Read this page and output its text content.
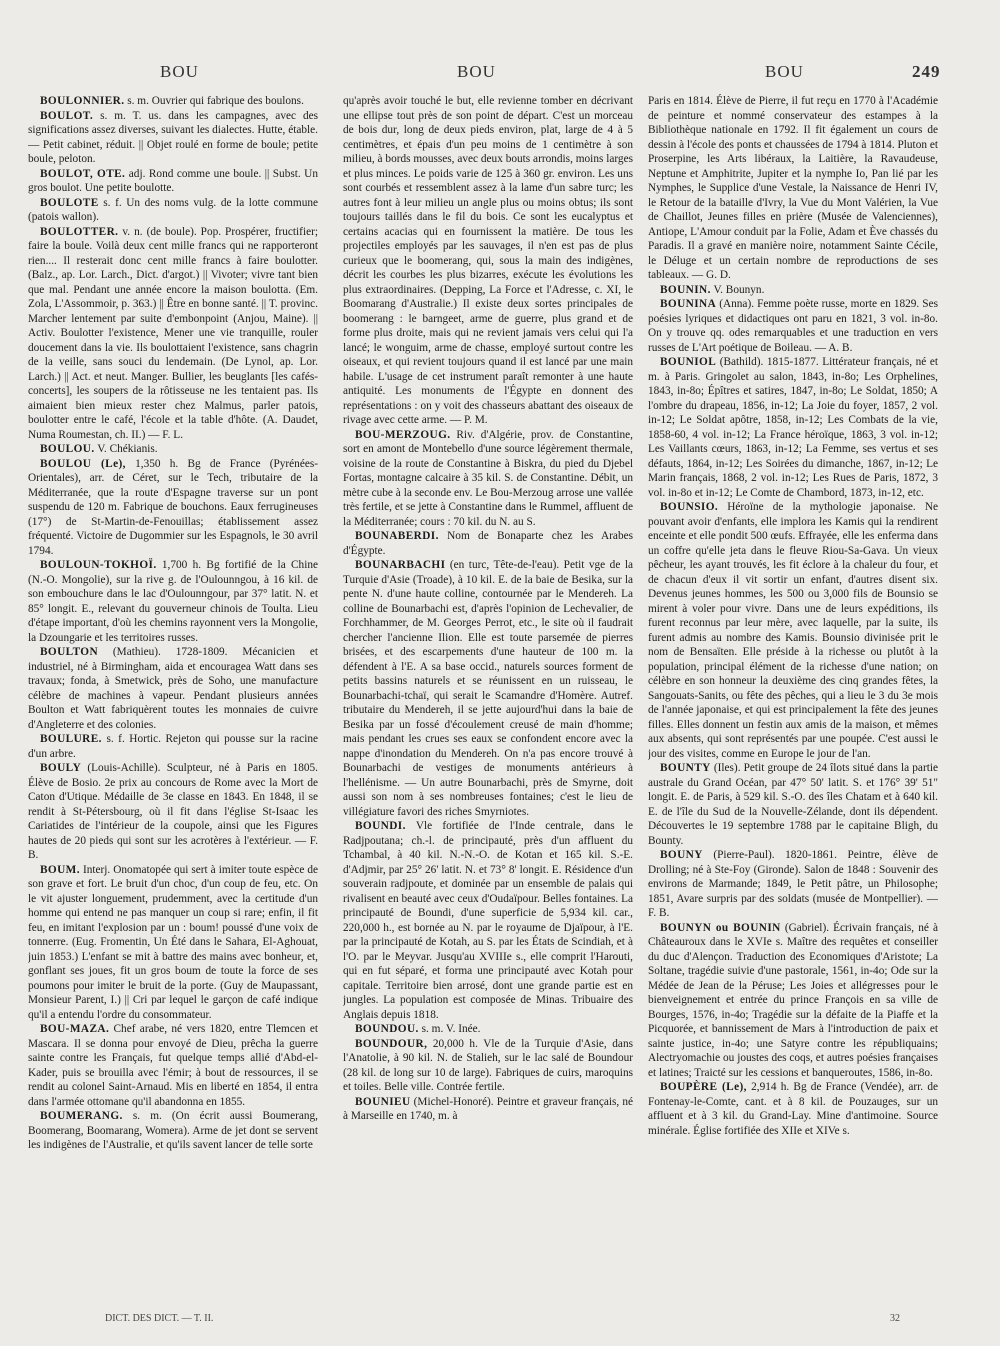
BOU	BOU	BOU	249

BOULONNIER. s. m. Ouvrier qui fabrique des boulons.

BOULOT. s. m. T. us. dans les campagnes, avec des significations assez diverses, suivant les dialectes. Hutte, étable. — Petit cabinet, réduit. || Objet roulé en forme de boule; petite boule, peloton.

BOULOT, OTE. adj. Rond comme une boule. || Subst. Un gros boulot. Une petite boulotte.

BOULOTE s. f. Un des noms vulg. de la lotte commune (patois wallon).

BOULOTTER. v. n. (de boule). Pop. Prospérer, fructifier; faire la boule. Voilà deux cent mille francs qui ne rapporteront rien.... Il resterait donc cent mille francs à faire boulotter. (Balz., ap. Lor. Larch., Dict. d'argot.) || Vivoter; vivre tant bien que mal. Pendant une année encore la maison boulotta. (Em. Zola, L'Assommoir, p. 363.) || Être en bonne santé. || T. provinc. Marcher lentement par suite d'embonpoint (Anjou, Maine). || Activ. Boulotter l'existence, Mener une vie tranquille, rouler doucement dans la vie. Ils boulottaient l'existence, sans chagrin de la veille, sans souci du lendemain. (De Lynol, ap. Lor. Larch.) || Act. et neut. Manger. Bullier, les beuglants [les cafés-concerts], les soupers de la rôtisseuse ne les tentaient pas. Ils aimaient bien mieux rester chez Malmus, parler patois, boulotter entre le café, l'école et la table d'hôte. (A. Daudet, Numa Roumestan, ch. II.) — F. L.

BOULOU. V. Chékianis.

BOULOU (Le), 1,350 h. Bg de France (Pyrénées-Orientales), arr. de Céret, sur le Tech, tributaire de la Méditerranée, que la route d'Espagne traverse sur un pont suspendu de 120 m. Fabrique de bouchons. Eaux ferrugineuses (17°) de St-Martin-de-Fenouillas; établissement assez fréquenté. Victoire de Dugommier sur les Espagnols, le 30 avril 1794.

BOULOUN-TOKHOÏ. 1,700 h. Bg fortifié de la Chine (N.-O. Mongolie), sur la rive g. de l'Oulounngou, à 16 kil. de son embouchure dans le lac d'Oulounngour, par 37° latit. N. et 85° longit. E., relevant du gouverneur chinois de Toulta. Lieu d'étape important, d'où les chemins rayonnent vers la Mongolie, la Dzoungarie et les territoires russes.

BOULTON (Mathieu). 1728-1809. Mécanicien et industriel, né à Birmingham, aida et encouragea Watt dans ses travaux; fonda, à Smetwick, près de Soho, une manufacture célèbre de machines à vapeur. Pendant plusieurs années Boulton et Watt fabriquèrent toutes les monnaies de cuivre d'Angleterre et des colonies.

BOULURE. s. f. Hortic. Rejeton qui pousse sur la racine d'un arbre.

BOULY (Louis-Achille). Sculpteur, né à Paris en 1805. Élève de Bosio. 2e prix au concours de Rome avec la Mort de Caton d'Utique. Médaille de 3e classe en 1843. En 1848, il se rendit à St-Pétersbourg, où il fit dans l'église St-Isaac les Cariatides de l'intérieur de la coupole, ainsi que les Figures hautes de 20 pieds qui sont sur les acrotères à l'extérieur. — F. B.

BOUM. Interj. Onomatopée qui sert à imiter toute espèce de son grave et fort. Le bruit d'un choc, d'un coup de feu, etc. On le vit ajuster longuement, prudemment, avec la certitude d'un homme qui entend ne pas manquer un coup si rare; enfin, il fit feu, en imitant l'explosion par un : boum! poussé d'une voix de tonnerre. (Eug. Fromentin, Un Été dans le Sahara, El-Aghouat, juin 1853.) L'enfant se mit à battre des mains avec bonheur, et, gonflant ses joues, fit un gros boum de toute la force de ses poumons pour imiter le bruit de la porte. (Guy de Maupassant, Monsieur Parent, I.) || Cri par lequel le garçon de café indique qu'il a entendu l'ordre du consommateur.

BOU-MAZA. Chef arabe, né vers 1820, entre Tlemcen et Mascara. Il se donna pour envoyé de Dieu, prêcha la guerre sainte contre les Français, fut quelque temps allié d'Abd-el-Kader, puis se brouilla avec l'émir; à bout de ressources, il se rendit au colonel Saint-Arnaud. Mis en liberté en 1854, il entra dans l'armée ottomane qu'il abandonna en 1855.

BOUMERANG. s. m. (On écrit aussi Boumerang, Boomerang, Boomarang, Womera). Arme de jet dont se servent les indigènes de l'Australie, et qu'ils savent lancer de telle sorte

qu'après avoir touché le but, elle revienne tomber en décrivant une ellipse tout près de son point de départ. C'est un morceau de bois dur, long de deux pieds environ, plat, large de 4 à 5 centimètres, et épais d'un peu moins de 1 centimètre à son milieu, à bords mousses, avec deux bouts arrondis, moins larges et plus minces. Le poids varie de 125 à 360 gr. environ. Les uns sont courbés et ressemblent assez à la lame d'un sabre turc; les autres font à leur milieu un angle plus ou moins obtus; ils sont toujours taillés dans le fil du bois. Ce sont les eucalyptus et certains acacias qui en fournissent la matière. De tous les projectiles employés par les sauvages, il n'en est pas de plus curieux que le boomerang, qui, sous la main des indigènes, décrit les courbes les plus bizarres, exécute les évolutions les plus extraordinaires. (Depping, La Force et l'Adresse, c. XI, le Boomarang d'Australie.) Il existe deux sortes principales de boomerang : le barngeet, arme de guerre, plus grand et de forme plus droite, mais qui ne revient jamais vers celui qui l'a lancé; le wonguim, arme de chasse, employé surtout contre les oiseaux, et qui revient toujours quand il est lancé par une main habile. L'usage de cet instrument paraît remonter à une haute antiquité. Les monuments de l'Égypte en donnent des représentations : on y voit des chasseurs abattant des oiseaux de rivage avec cette arme. — P. M.

BOU-MERZOUG. Riv. d'Algérie, prov. de Constantine, sort en amont de Montebello d'une source légèrement thermale, voisine de la route de Constantine à Biskra, du pied du Djebel Fortas, montagne calcaire à 35 kil. S. de Constantine. Débit, un mètre cube à la seconde env. Le Bou-Merzoug arrose une vallée très fertile, et se jette à Constantine dans le Rummel, affluent de la Méditerranée; cours : 70 kil. du N. au S.

BOUNABERDI. Nom de Bonaparte chez les Arabes d'Égypte.

BOUNARBACHI (en turc, Tête-de-l'eau). Petit vge de la Turquie d'Asie (Troade), à 10 kil. E. de la baie de Besika, sur la pente N. d'une haute colline, contournée par le Mendereh. La colline de Bounarbachi est, d'après l'opinion de Lechevalier, de Forchhammer, de M. Georges Perrot, etc., le site où il faudrait chercher l'ancienne Ilion. Elle est toute parsemée de pierres brisées, et des escarpements d'une hauteur de 100 m. la défendent à l'E. A sa base occid., naturels sources forment de petits bassins naturels et se réunissent en un ruisseau, le Bounarbachi-tchaï, qui serait le Scamandre d'Homère. Autref. tributaire du Mendereh, il se jette aujourd'hui dans la baie de Besika par un fossé d'écoulement creusé de main d'homme; mais pendant les crues ses eaux se confondent encore avec la nappe d'inondation du Mendereh. On n'a pas encore trouvé à Bounarbachi de vestiges de monuments antérieurs à l'hellénisme. — Un autre Bounarbachi, près de Smyrne, doit aussi son nom à ses nombreuses fontaines; c'est le lieu de villégiature favori des riches Smyrniotes.

BOUNDI. Vle fortifiée de l'Inde centrale, dans le Radjpoutana; ch.-l. de principauté, près d'un affluent du Tchambal, à 40 kil. N.-N.-O. de Kotan et 165 kil. S.-E. d'Adjmir, par 25° 26' latit. N. et 73° 8' longit. E. Résidence d'un souverain radjpoute, et dominée par un ensemble de palais qui rivalisent en beauté avec ceux d'Oudaïpour. Belles fontaines. La principauté de Boundi, d'une superficie de 5,934 kil. car., 220,000 h., est bornée au N. par le royaume de Djaïpour, à l'E. par la principauté de Kotah, au S. par les États de Scindiah, et à l'O. par le Meyvar. Jusqu'au XVIIIe s., elle comprit l'Harouti, qui en fut séparé, et forma une principauté avec Kotah pour capitale. Territoire bien arrosé, dont une grande partie est en jungles. La population est composée de Minas. Tribuaire des Anglais depuis 1818.

BOUNDOU. s. m. V. Inée.

BOUNDOUR, 20,000 h. Vle de la Turquie d'Asie, dans l'Anatolie, à 90 kil. N. de Stalieh, sur le lac salé de Boundour (28 kil. de long sur 10 de large). Fabriques de cuirs, maroquins et toiles. Belle ville. Contrée fertile.

BOUNIEU (Michel-Honoré). Peintre et graveur français, né à Marseille en 1740, m. à

Paris en 1814. Élève de Pierre, il fut reçu en 1770 à l'Académie de peinture et nommé conservateur des estampes à la Bibliothèque nationale en 1792. Il fit également un cours de dessin à l'école des ponts et chaussées de 1794 à 1814. Pluton et Proserpine, les Arts libéraux, la Laitière, la Ravaudeuse, Neptune et Amphitrite, Jupiter et la nymphe Io, Pan lié par les Nymphes, le Supplice d'une Vestale, la Naissance de Henri IV, le Retour de la bataille d'Ivry, la Vue du Mont Valérien, la Vue de Chaillot, Jeunes filles en prière (Musée de Valenciennes), Antiope, L'Amour conduit par la Folie, Adam et Ève chassés du Paradis. Il a gravé en manière noire, notamment Sainte Cécile, le Déluge et un certain nombre de reproductions de ses tableaux. — G. D.

BOUNIN. V. Bounyn.

BOUNINA (Anna). Femme poète russe, morte en 1829. Ses poésies lyriques et didactiques ont paru en 1821, 3 vol. in-8o. On y trouve qq. odes remarquables et une traduction en vers russes de L'Art poétique de Boileau. — A. B.

BOUNIOL (Bathild). 1815-1877. Littérateur français, né et m. à Paris. Gringolet au salon, 1843, in-8o; Les Orphelines, 1843, in-8o; Épîtres et satires, 1847, in-8o; Le Soldat, 1850; A l'ombre du drapeau, 1856, in-12; La Joie du foyer, 1857, 2 vol. in-12; Le Soldat apôtre, 1858, in-12; Les Combats de la vie, 1858-60, 4 vol. in-12; La France héroïque, 1863, 3 vol. in-12; Les Vaillants cœurs, 1863, in-12; La Femme, ses vertus et ses défauts, 1864, in-12; Les Soirées du dimanche, 1867, in-12; Le Marin français, 1868, 2 vol. in-12; Les Rues de Paris, 1872, 3 vol. in-8o et in-12; Le Comte de Chambord, 1873, in-12, etc.

BOUNSIO. Héroïne de la mythologie japonaise. Ne pouvant avoir d'enfants, elle implora les Kamis qui la rendirent enceinte et elle pondit 500 œufs. Effrayée, elle les enferma dans un coffre qu'elle jeta dans le fleuve Riou-Sa-Gava. Un vieux pêcheur, les ayant trouvés, les fit éclore à la chaleur du four, et de chacun d'eux il vit sortir un enfant, d'autres disent six. Devenus jeunes hommes, les 500 ou 3,000 fils de Bounsio se mirent à voler pour vivre. Dans une de leurs expéditions, ils furent reconnus par leur mère, avec laquelle, par la suite, ils furent admis au nombre des Kamis. Bounsio divinisée prit le nom de Bensaïten. Elle préside à la richesse ou plutôt à la population, principal élément de la richesse d'une nation; on célèbre en son honneur la deuxième des cinq grandes fêtes, la Sangouats-Sanits, ou fête des pêches, qui a lieu le 3 du 3e mois de l'année japonaise, et qui est principalement la fête des jeunes filles. Elles donnent un festin aux amis de la maison, et mêmes aux absents, qui sont représentés par une poupée. C'est aussi le jour des visites, comme en Europe le jour de l'an.

BOUNTY (Iles). Petit groupe de 24 îlots situé dans la partie australe du Grand Océan, par 47° 50' latit. S. et 176° 39' 51" longit. E. de Paris, à 529 kil. S.-O. des îles Chatam et à 640 kil. E. de l'île du Sud de la Nouvelle-Zélande, dont ils dépendent. Découvertes le 19 septembre 1788 par le capitaine Bligh, du Bounty.

BOUNY (Pierre-Paul). 1820-1861. Peintre, élève de Drolling; né à Ste-Foy (Gironde). Salon de 1848 : Souvenir des environs de Marmande; 1849, le Petit pâtre, un Philosophe; 1851, Avare surpris par des soldats (musée de Montpellier). — F. B.

BOUNYN ou BOUNIN (Gabriel). Écrivain français, né à Châteauroux dans le XVIe s. Maître des requêtes et conseiller du duc d'Alençon. Traduction des Economiques d'Aristote; La Soltane, tragédie suivie d'une pastorale, 1561, in-4o; Ode sur la Médée de Jean de la Péruse; Les Joies et allégresses pour le bienveignement et entrée du prince François en sa ville de Bourges, 1576, in-4o; Tragédie sur la défaite de la Piaffe et la Picquorée, et bannissement de Mars à l'introduction de paix et sainte justice, in-4o; une Satyre contre les républiquains; Alectryomachie ou joustes des coqs, et autres poésies françaises et latines; Traicté sur les cessions et banqueroutes, 1586, in-8o.

BOUPÈRE (Le), 2,914 h. Bg de France (Vendée), arr. de Fontenay-le-Comte, cant. et à 8 kil. de Pouzauges, sur un affluent et à 3 kil. du Grand-Lay. Mine d'antimoine. Source minérale. Église fortifiée des XIIe et XIVe s.

DICT. DES DICT. — T. II.	32
